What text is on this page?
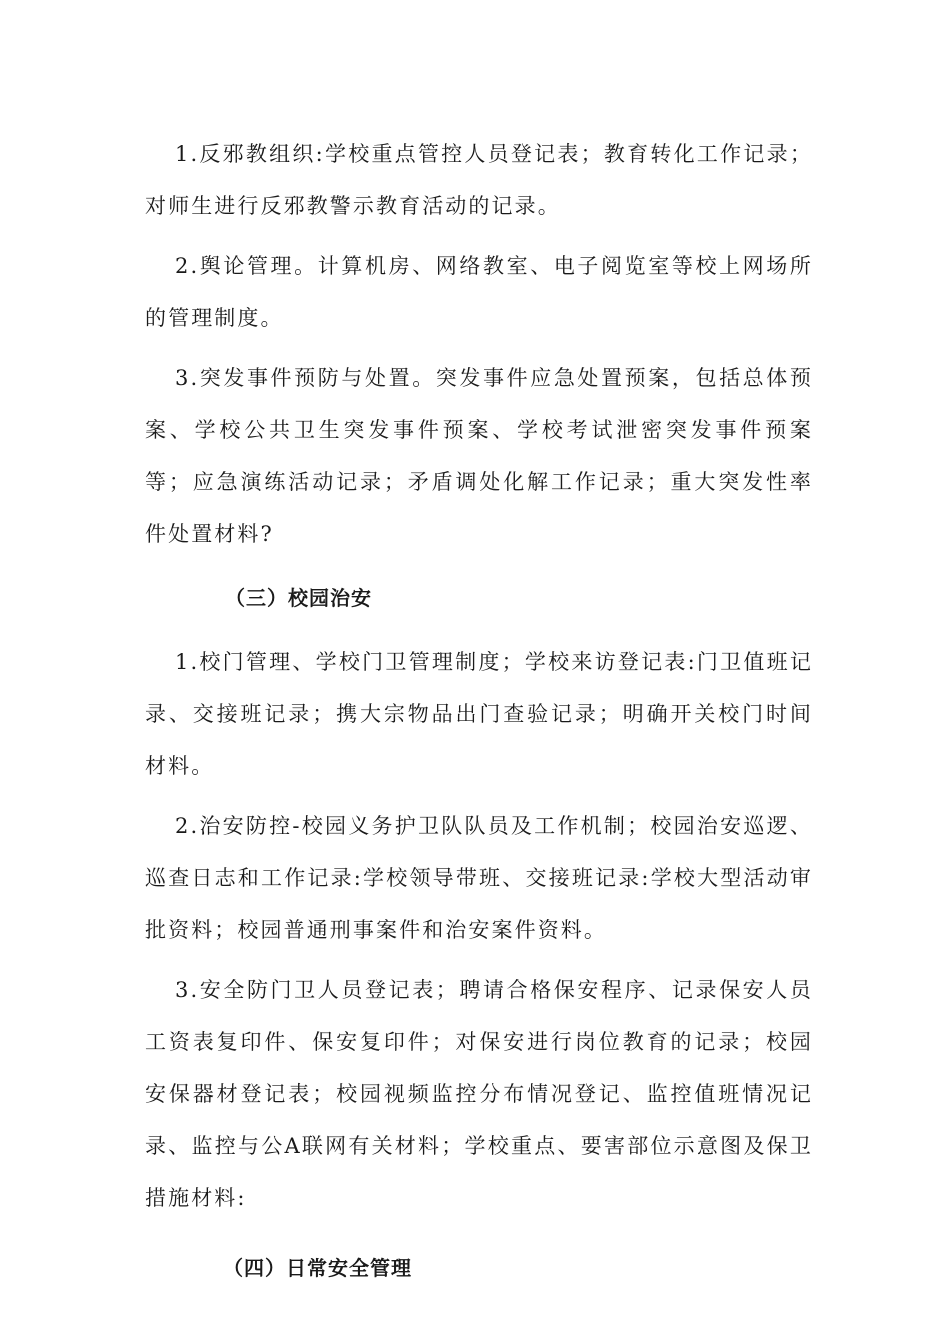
1.反邪教组织:学校重点管控人员登记表；教育转化工作记录；对师生进行反邪教警示教育活动的记录。

2.舆论管理。计算机房、网络教室、电子阅览室等校上网场所的管理制度。

3.突发事件预防与处置。突发事件应急处置预案，包括总体预案、学校公共卫生突发事件预案、学校考试泄密突发事件预案等；应急演练活动记录；矛盾调处化解工作记录；重大突发性率件处置材料?

（三）校园治安

1.校门管理、学校门卫管理制度；学校来访登记表:门卫值班记录、交接班记录；携大宗物品出门查验记录；明确开关校门时间材料。

2.治安防控-校园义务护卫队队员及工作机制；校园治安巡逻、巡查日志和工作记录:学校领导带班、交接班记录:学校大型活动审批资料；校园普通刑事案件和治安案件资料。

3.安全防门卫人员登记表；聘请合格保安程序、记录保安人员工资表复印件、保安复印件；对保安进行岗位教育的记录；校园安保器材登记表；校园视频监控分布情况登记、监控值班情况记录、监控与公A联网有关材料；学校重点、要害部位示意图及保卫措施材料:

（四）日常安全管理
